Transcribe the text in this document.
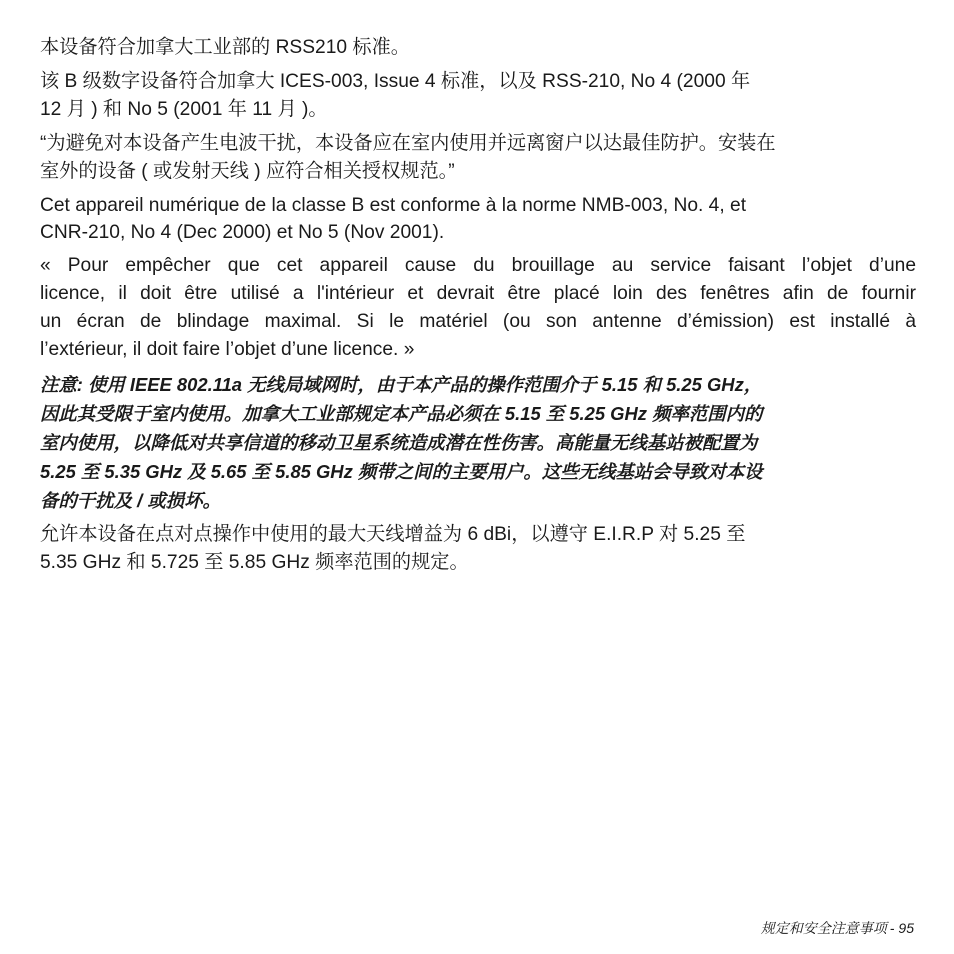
本设备符合加拿大工业部的 RSS210 标准。
该 B 级数字设备符合加拿大 ICES-003, Issue 4 标准，以及 RSS-210, No 4 (2000 年
12 月 ) 和 No 5 (2001 年 11 月 )。
“为避免对本设备产生电波干扰，本设备应在室内使用并远离窗户以达最佳防护。安装在
室外的设备 ( 或发射天线 ) 应符合相关授权规范。”
Cet appareil numérique de la classe B est conforme à la norme NMB-003, No. 4, et
CNR-210, No 4 (Dec 2000) et No 5 (Nov 2001).
« Pour empêcher que cet appareil cause du brouillage au service faisant l’objet d’une
licence, il doit être utilisé a l'intérieur et devrait être placé loin des fenêtres afin de fournir
un écran de blindage maximal. Si le matériel (ou son antenne d’émission) est installé à
l’extérieur, il doit faire l’objet d’une licence. »
注意: 使用 IEEE 802.11a 无线局域网时，由于本产品的操作范围介于 5.15 和 5.25 GHz，
因此其受限于室内使用。加拿大工业部规定本产品必须在 5.15 至 5.25 GHz 频率范围内的
室内使用，以降低对共享信道的移动卫星系统造成潜在性伤害。高能量无线基站被配置为
5.25 至 5.35 GHz 及 5.65 至 5.85 GHz 频带之间的主要用户。这些无线基站会导致对本设
备的干扰及 / 或损坏。
允许本设备在点对点操作中使用的最大天线增益为 6 dBi，以遵守 E.I.R.P 对 5.25 至
5.35 GHz 和 5.725 至 5.85 GHz 频率范围的规定。
规定和安全注意事项 - 95
